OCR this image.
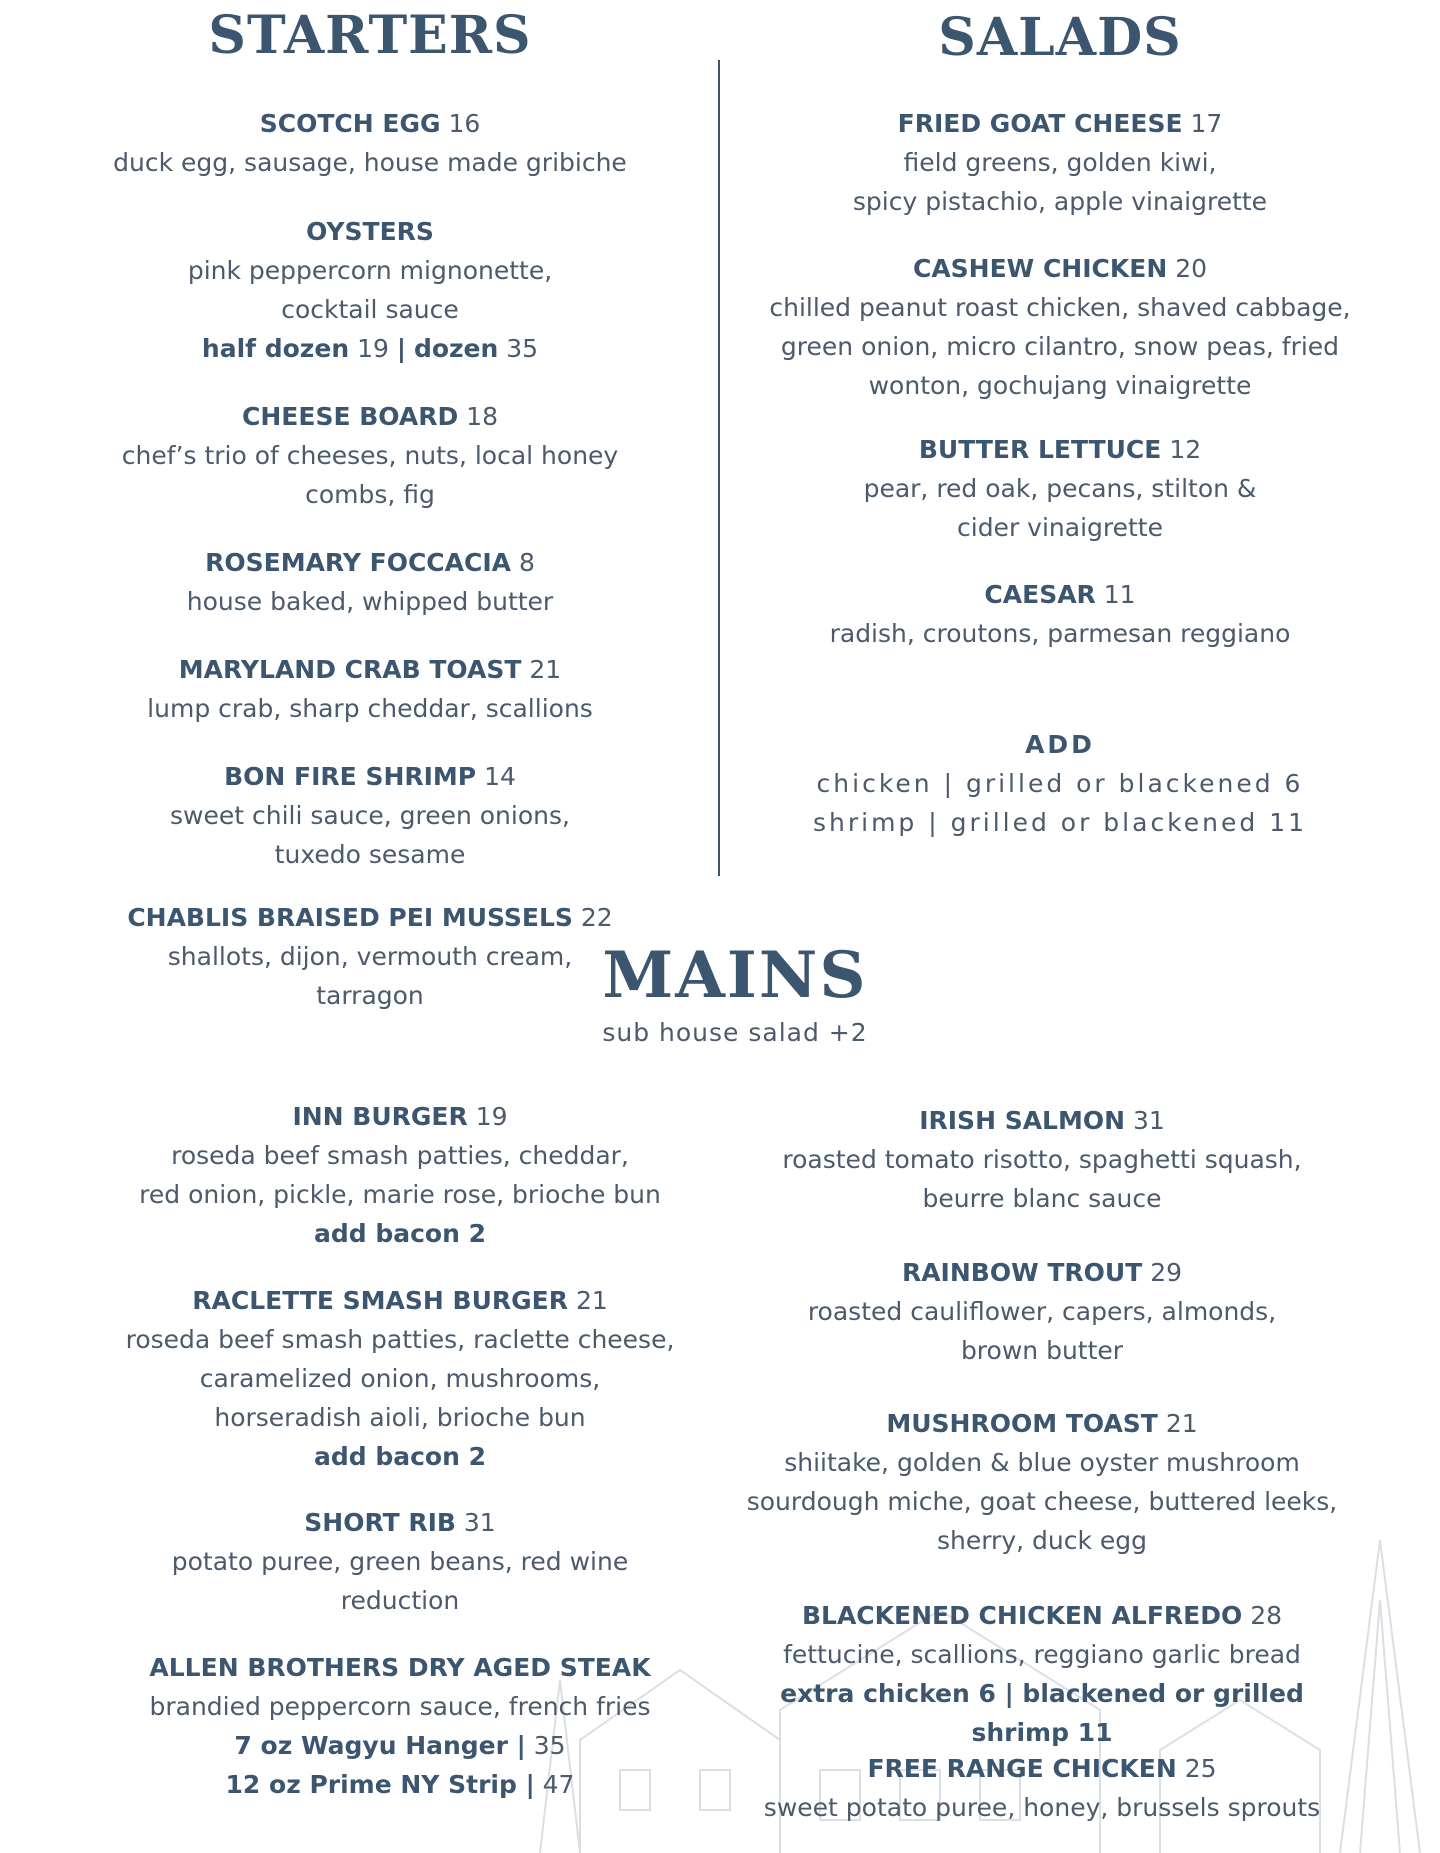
STARTERS	SALADS
SCOTCH EGG 16
duck egg, sausage, house made gribiche
OYSTERS
pink peppercorn mignonette,
cocktail sauce
half dozen 19 | dozen 35
CHEESE BOARD 18
chef’s trio of cheeses, nuts, local honey
combs, fig
ROSEMARY FOCCACIA 8
house baked, whipped butter
MARYLAND CRAB TOAST 21
lump crab, sharp cheddar, scallions
BON FIRE SHRIMP 14
sweet chili sauce, green onions,
tuxedo sesame
CHABLIS BRAISED PEI MUSSELS 22
shallots, dijon, vermouth cream,
tarragon
FRIED GOAT CHEESE 17
field greens, golden kiwi,
spicy pistachio, apple vinaigrette
CASHEW CHICKEN 20
chilled peanut roast chicken, shaved cabbage,
green onion, micro cilantro, snow peas, fried
wonton, gochujang vinaigrette
BUTTER LETTUCE 12
pear, red oak, pecans, stilton &
cider vinaigrette
CAESAR 11
radish, croutons, parmesan reggiano
ADD
chicken | grilled or blackened 6
shrimp | grilled or blackened 11
MAINS
sub house salad +2
INN BURGER 19
roseda beef smash patties, cheddar,
red onion, pickle, marie rose, brioche bun
add bacon 2
RACLETTE SMASH BURGER 21
roseda beef smash patties, raclette cheese,
caramelized onion, mushrooms,
horseradish aioli, brioche bun
add bacon 2
SHORT RIB 31
potato puree, green beans, red wine
reduction
ALLEN BROTHERS DRY AGED STEAK
brandied peppercorn sauce, french fries
7 oz Wagyu Hanger | 35
12 oz Prime NY Strip | 47
IRISH SALMON 31
roasted tomato risotto, spaghetti squash,
beurre blanc sauce
RAINBOW TROUT 29
roasted cauliflower, capers, almonds,
brown butter
MUSHROOM TOAST 21
shiitake, golden & blue oyster mushroom
sourdough miche, goat cheese, buttered leeks,
sherry, duck egg
BLACKENED CHICKEN ALFREDO 28
fettucine, scallions, reggiano garlic bread
extra chicken 6 | blackened or grilled shrimp 11
FREE RANGE CHICKEN 25
sweet potato puree, honey, brussels sprouts
